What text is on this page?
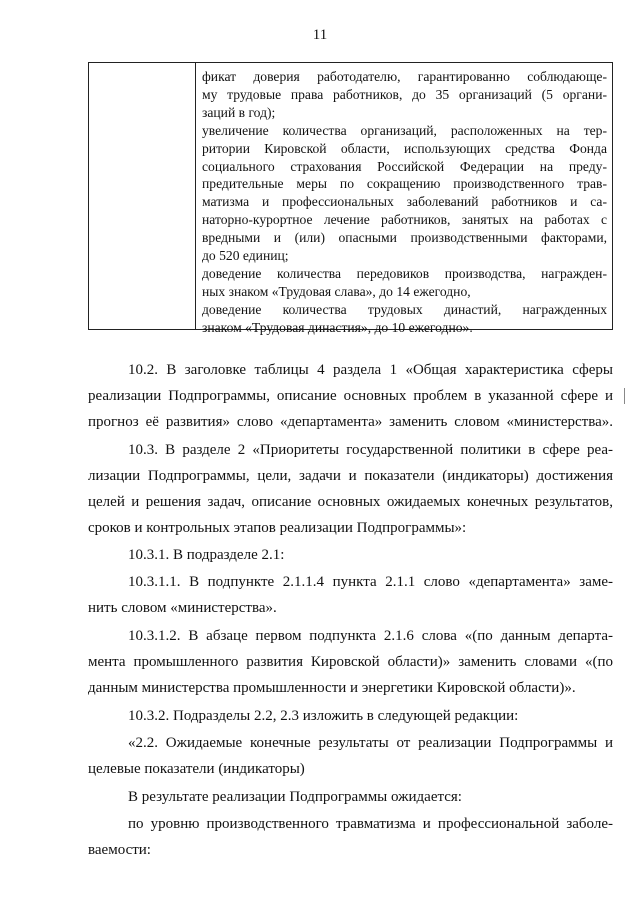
11
фикат доверия работодателю, гарантированно соблюдающе-
му трудовые права работников, до 35 организаций (5 органи-
заций в год);
увеличение количества организаций, расположенных на тер-
ритории Кировской области, использующих средства Фонда
социального страхования Российской Федерации на преду-
предительные меры по сокращению производственного трав-
матизма и профессиональных заболеваний работников и са-
наторно-курортное лечение работников, занятых на работах с
вредными и (или) опасными производственными факторами,
до 520 единиц;
доведение количества передовиков производства, награжден-
ных знаком «Трудовая слава», до 14 ежегодно,
доведение количества трудовых династий, награжденных
знаком «Трудовая династия», до 10 ежегодно».
10.2. В заголовке таблицы 4 раздела 1 «Общая характеристика сферы
реализации Подпрограммы, описание основных проблем в указанной сфере и
прогноз её развития» слово «департамента» заменить словом «министерства».
10.3. В разделе 2 «Приоритеты государственной политики в сфере реа-
лизации Подпрограммы, цели, задачи и показатели (индикаторы) достижения
целей и решения задач, описание основных ожидаемых конечных результатов,
сроков и контрольных этапов реализации Подпрограммы»:
10.3.1. В подразделе 2.1:
10.3.1.1. В подпункте 2.1.1.4 пункта 2.1.1 слово «департамента» заме-
нить словом «министерства».
10.3.1.2. В абзаце первом подпункта 2.1.6 слова «(по данным департа-
мента промышленного развития Кировской области)» заменить словами «(по
данным министерства промышленности и энергетики Кировской области)».
10.3.2. Подразделы 2.2, 2.3 изложить в следующей редакции:
«2.2. Ожидаемые конечные результаты от реализации Подпрограммы и
целевые показатели (индикаторы)
В результате реализации Подпрограммы ожидается:
по уровню производственного травматизма и профессиональной заболе-
ваемости:
